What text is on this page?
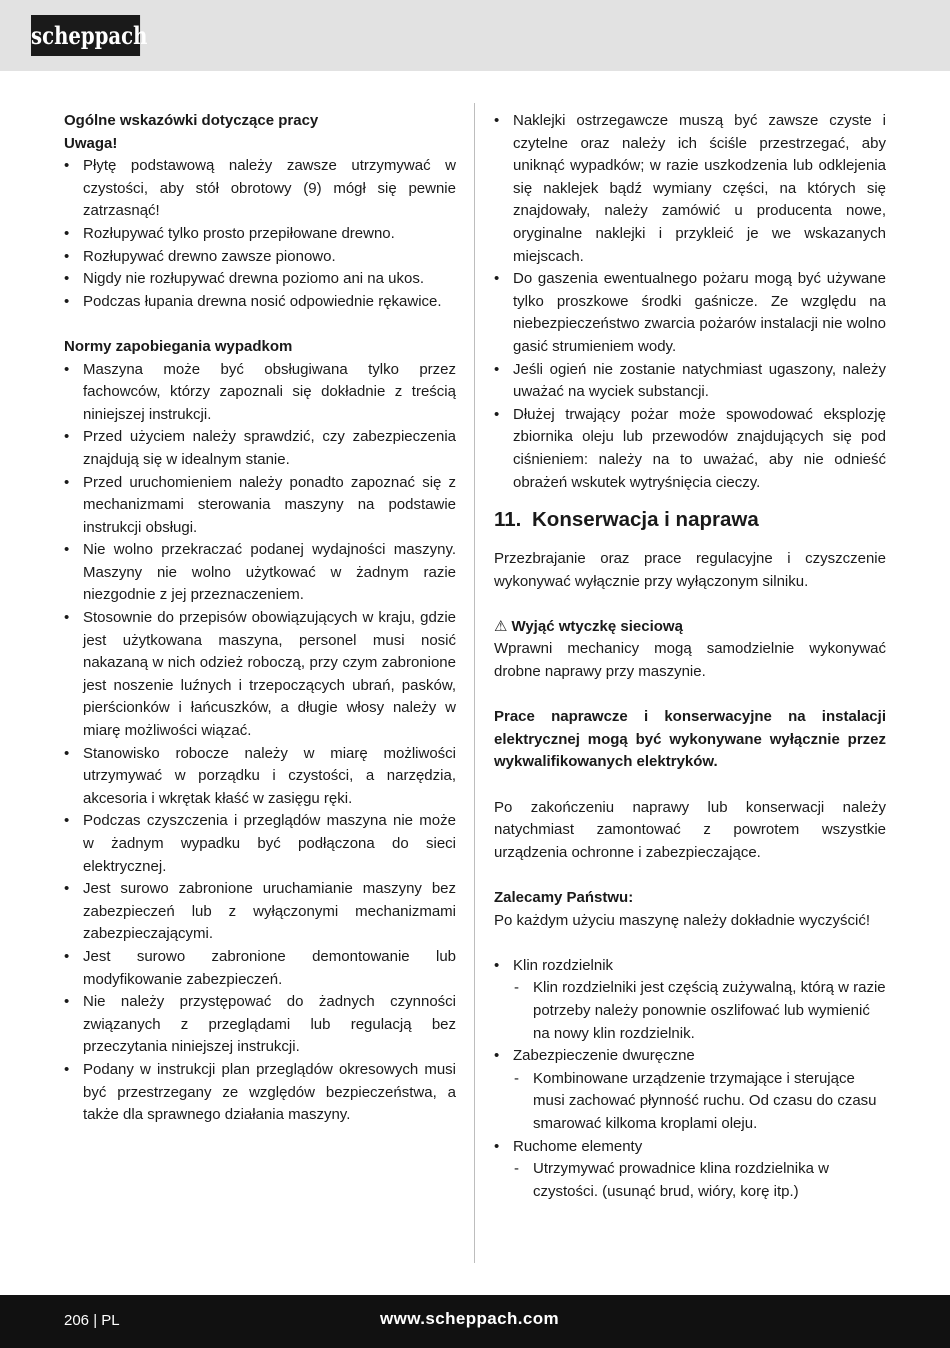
scheppach
Ogólne wskazówki dotyczące pracy
Uwaga!
• Płytę podstawową należy zawsze utrzymywać w czystości, aby stół obrotowy (9) mógł się pewnie zatrzasnąć!
• Rozłupywać tylko prosto przepiłowane drewno.
• Rozłupywać drewno zawsze pionowo.
• Nigdy nie rozłupywać drewna poziomo ani na ukos.
• Podczas łupania drewna nosić odpowiednie rękawice.
Normy zapobiegania wypadkom
• Maszyna może być obsługiwana tylko przez fachowców, którzy zapoznali się dokładnie z treścią niniejszej instrukcji.
• Przed użyciem należy sprawdzić, czy zabezpieczenia znajdują się w idealnym stanie.
• Przed uruchomieniem należy ponadto zapoznać się z mechanizmami sterowania maszyny na podstawie instrukcji obsługi.
• Nie wolno przekraczać podanej wydajności maszyny. Maszyny nie wolno użytkować w żadnym razie niezgodnie z jej przeznaczeniem.
• Stosownie do przepisów obowiązujących w kraju, gdzie jest użytkowana maszyna, personel musi nosić nakazaną w nich odzież roboczą, przy czym zabronione jest noszenie luźnych i trzepoczących ubrań, pasków, pierścionków i łańcuszków, a długie włosy należy w miarę możliwości wiązać.
• Stanowisko robocze należy w miarę możliwości utrzymywać w porządku i czystości, a narzędzia, akcesoria i wkrętak kłaść w zasięgu ręki.
• Podczas czyszczenia i przeglądów maszyna nie może w żadnym wypadku być podłączona do sieci elektrycznej.
• Jest surowo zabronione uruchamianie maszyny bez zabezpieczeń lub z wyłączonymi mechanizmami zabezpieczającymi.
• Jest surowo zabronione demontowanie lub modyfikowanie zabezpieczeń.
• Nie należy przystępować do żadnych czynności związanych z przeglądami lub regulacją bez przeczytania niniejszej instrukcji.
• Podany w instrukcji plan przeglądów okresowych musi być przestrzegany ze względów bezpieczeństwa, a także dla sprawnego działania maszyny.
• Naklejki ostrzegawcze muszą być zawsze czyste i czytelne oraz należy ich ściśle przestrzegać, aby uniknąć wypadków; w razie uszkodzenia lub odklejenia się naklejek bądź wymiany części, na których się znajdowały, należy zamówić u producenta nowe, oryginalne naklejki i przykleić je we wskazanych miejscach.
• Do gaszenia ewentualnego pożaru mogą być używane tylko proszkowe środki gaśnicze. Ze względu na niebezpieczeństwo zwarcia pożarów instalacji nie wolno gasić strumieniem wody.
• Jeśli ogień nie zostanie natychmiast ugaszony, należy uważać na wyciek substancji.
• Dłużej trwający pożar może spowodować eksplozję zbiornika oleju lub przewodów znajdujących się pod ciśnieniem: należy na to uważać, aby nie odnieść obrażeń wskutek wytryśnięcia cieczy.
11. Konserwacja i naprawa
Przezbrajanie oraz prace regulacyjne i czyszczenie wykonywać wyłącznie przy wyłączonym silniku.
⚠ Wyjąć wtyczkę sieciową
Wprawni mechanicy mogą samodzielnie wykonywać drobne naprawy przy maszynie.
Prace naprawcze i konserwacyjne na instalacji elektrycznej mogą być wykonywane wyłącznie przez wykwalifikowanych elektryków.
Po zakończeniu naprawy lub konserwacji należy natychmiast zamontować z powrotem wszystkie urządzenia ochronne i zabezpieczające.
Zalecamy Państwu:
Po każdym użyciu maszynę należy dokładnie wyczyścić!
• Klin rozdzielnik
- Klin rozdzielniki jest częścią zużywalną, którą w razie potrzeby należy ponownie oszlifować lub wymienić na nowy klin rozdzielnik.
• Zabezpieczenie dwuręczne
- Kombinowane urządzenie trzymające i sterujące musi zachować płynność ruchu. Od czasu do czasu smarować kilkoma kroplami oleju.
• Ruchome elementy
- Utrzymywać prowadnice klina rozdzielnika w czystości. (usunąć brud, wióry, korę itp.)
206 | PL	www.scheppach.com
